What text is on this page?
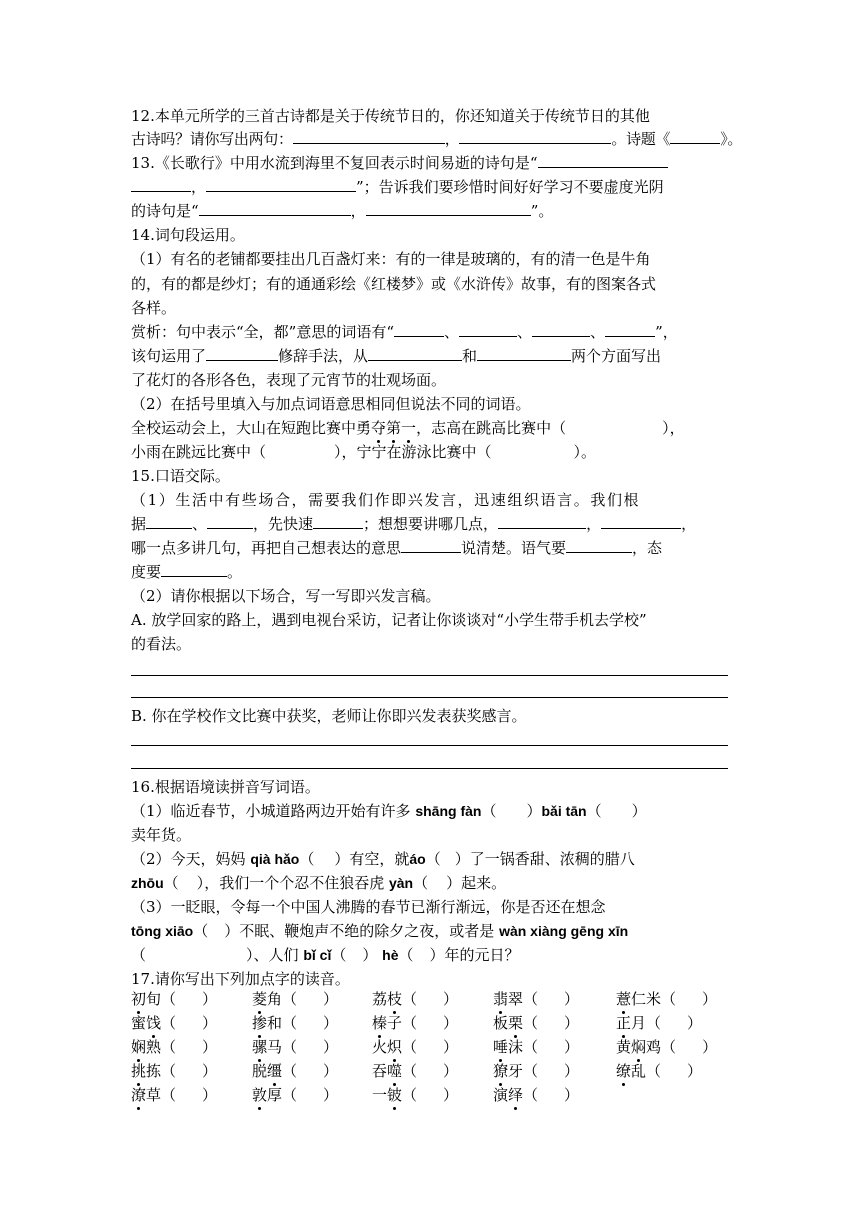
12.本单元所学的三首古诗都是关于传统节日的，你还知道关于传统节日的其他
古诗吗？请你写出两句：	，	。诗题《	》。
13.《长歌行》中用水流到海里不复回表示时间易逝的诗句是“
，	”；告诉我们要珍惜时间好好学习不要虚度光阴
的诗句是“	，	”。
14.词句段运用。
（1）有名的老铺都要挂出几百盏灯来：有的一律是玻璃的，有的清一色是牛角
的，有的都是纱灯；有的通通彩绘《红楼梦》或《水浒传》故事，有的图案各式
各样。
赏析：句中表示“全，都”意思的词语有“	、	、	、	”，
该句运用了	修辞手法，从	和	两个方面写出
了花灯的各形各色，表现了元宵节的壮观场面。
（2）在括号里填入与加点词语意思相同但说法不同的词语。
全校运动会上，大山在短跑比赛中勇夺第一，志高在跳高比赛中（	），
小雨在跳远比赛中（	），宁宁在游泳比赛中（	）。
15.口语交际。
（1）生活中有些场合，需要我们作即兴发言，迅速组织语言。我们根
据	、	，先快速	；想想要讲哪几点，	，	，
哪一点多讲几句，再把自己想表达的意思	说清楚。语气要	，态
度要	。
（2）请你根据以下场合，写一写即兴发言稿。
A. 放学回家的路上，遇到电视台采访，记者让你谈谈对“小学生带手机去学校”
的看法。
B. 你在学校作文比赛中获奖，老师让你即兴发表获奖感言。
16.根据语境读拼音写词语。
（1）临近春节，小城道路两边开始有许多 shāng fàn（ ）bǎi tān（ ）
卖年货。
（2）今天，妈妈 qià hǎo（ ）有空，就áo（ ）了一锅香甜、浓稠的腊八
zhōu（ ），我们一个个忍不住狼吞虎 yàn（ ）起来。
（3）一眨眼，令每一个中国人沸腾的春节已渐行渐远，你是否还在想念
tōng xiāo（ ）不眠、鞭炮声不绝的除夕之夜，或者是 wàn xiàng gēng xīn
（	）、人们 bǐ cǐ（ ） hè（ ）年的元日？
17.请你写出下列加点字的读音。
初旬（ ） 菱角（ ） 荔枝（ ） 翡翠（ ） 薏仁米（ ）
蜜饯（ ） 掺和（ ） 榛子（ ） 板栗（ ） 正月（ ）
娴熟（ ） 骡马（ ） 火炽（ ） 唾沫（ ） 黄焖鸡（ ）
挑拣（ ） 脱缰（ ） 吞噬（ ） 獠牙（ ） 缭乱（ ）
潦草（ ） 敦厚（ ） 一铍（ ） 演绎（ ）
